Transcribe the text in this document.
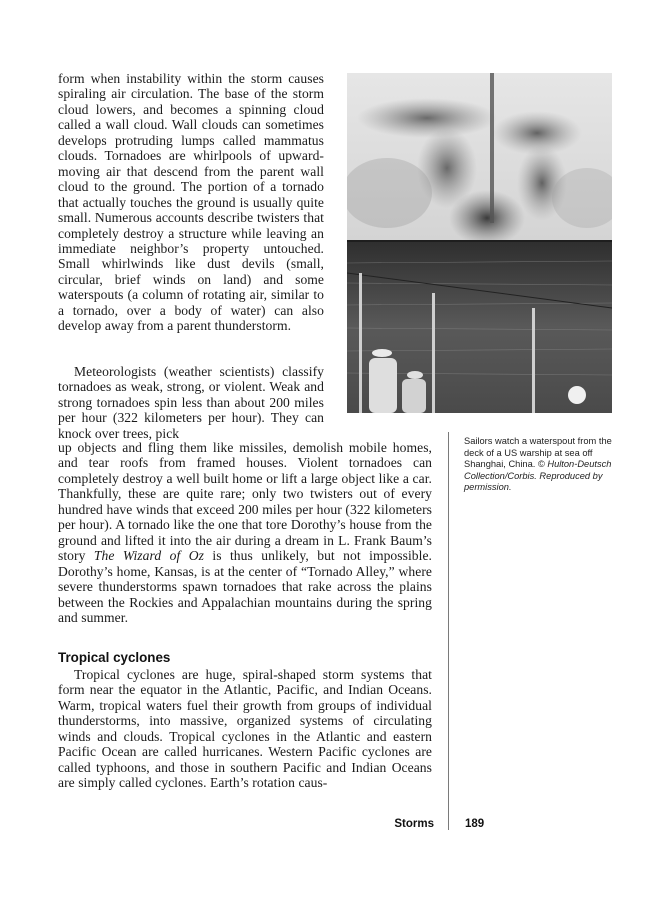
form when instability within the storm causes spiraling air circulation. The base of the storm cloud lowers, and becomes a spinning cloud called a wall cloud. Wall clouds can sometimes develops protruding lumps called mammatus clouds. Tornadoes are whirlpools of upward-moving air that descend from the parent wall cloud to the ground. The portion of a tornado that actually touches the ground is usually quite small. Numerous accounts describe twisters that completely destroy a structure while leaving an immediate neighbor’s property untouched. Small whirlwinds like dust devils (small, circular, brief winds on land) and some waterspouts (a column of rotating air, similar to a tornado, over a body of water) can also develop away from a parent thunderstorm.

Meteorologists (weather scientists) classify tornadoes as weak, strong, or violent. Weak and strong tornadoes spin less than about 200 miles per hour (322 kilometers per hour). They can knock over trees, pick

up objects and fling them like missiles, demolish mobile homes, and tear roofs from framed houses. Violent tornadoes can completely destroy a well built home or lift a large object like a car. Thankfully, these are quite rare; only two twisters out of every hundred have winds that exceed 200 miles per hour (322 kilometers per hour). A tornado like the one that tore Dorothy’s house from the ground and lifted it into the air during a dream in L. Frank Baum’s story The Wizard of Oz is thus unlikely, but not impossible. Dorothy’s home, Kansas, is at the center of “Tornado Alley,” where severe thunderstorms spawn tornadoes that rake across the plains between the Rockies and Appalachian mountains during the spring and summer.

Tropical cyclones

Tropical cyclones are huge, spiral-shaped storm systems that form near the equator in the Atlantic, Pacific, and Indian Oceans. Warm, tropical waters fuel their growth from groups of individual thunderstorms, into massive, organized systems of circulating winds and clouds. Tropical cyclones in the Atlantic and eastern Pacific Ocean are called hurricanes. Western Pacific cyclones are called typhoons, and those in southern Pacific and Indian Oceans are simply called cyclones. Earth’s rotation caus-

Sailors watch a waterspout from the deck of a US warship at sea off Shanghai, China. © Hulton-Deutsch Collection/Corbis. Reproduced by permission.
Storms	189
